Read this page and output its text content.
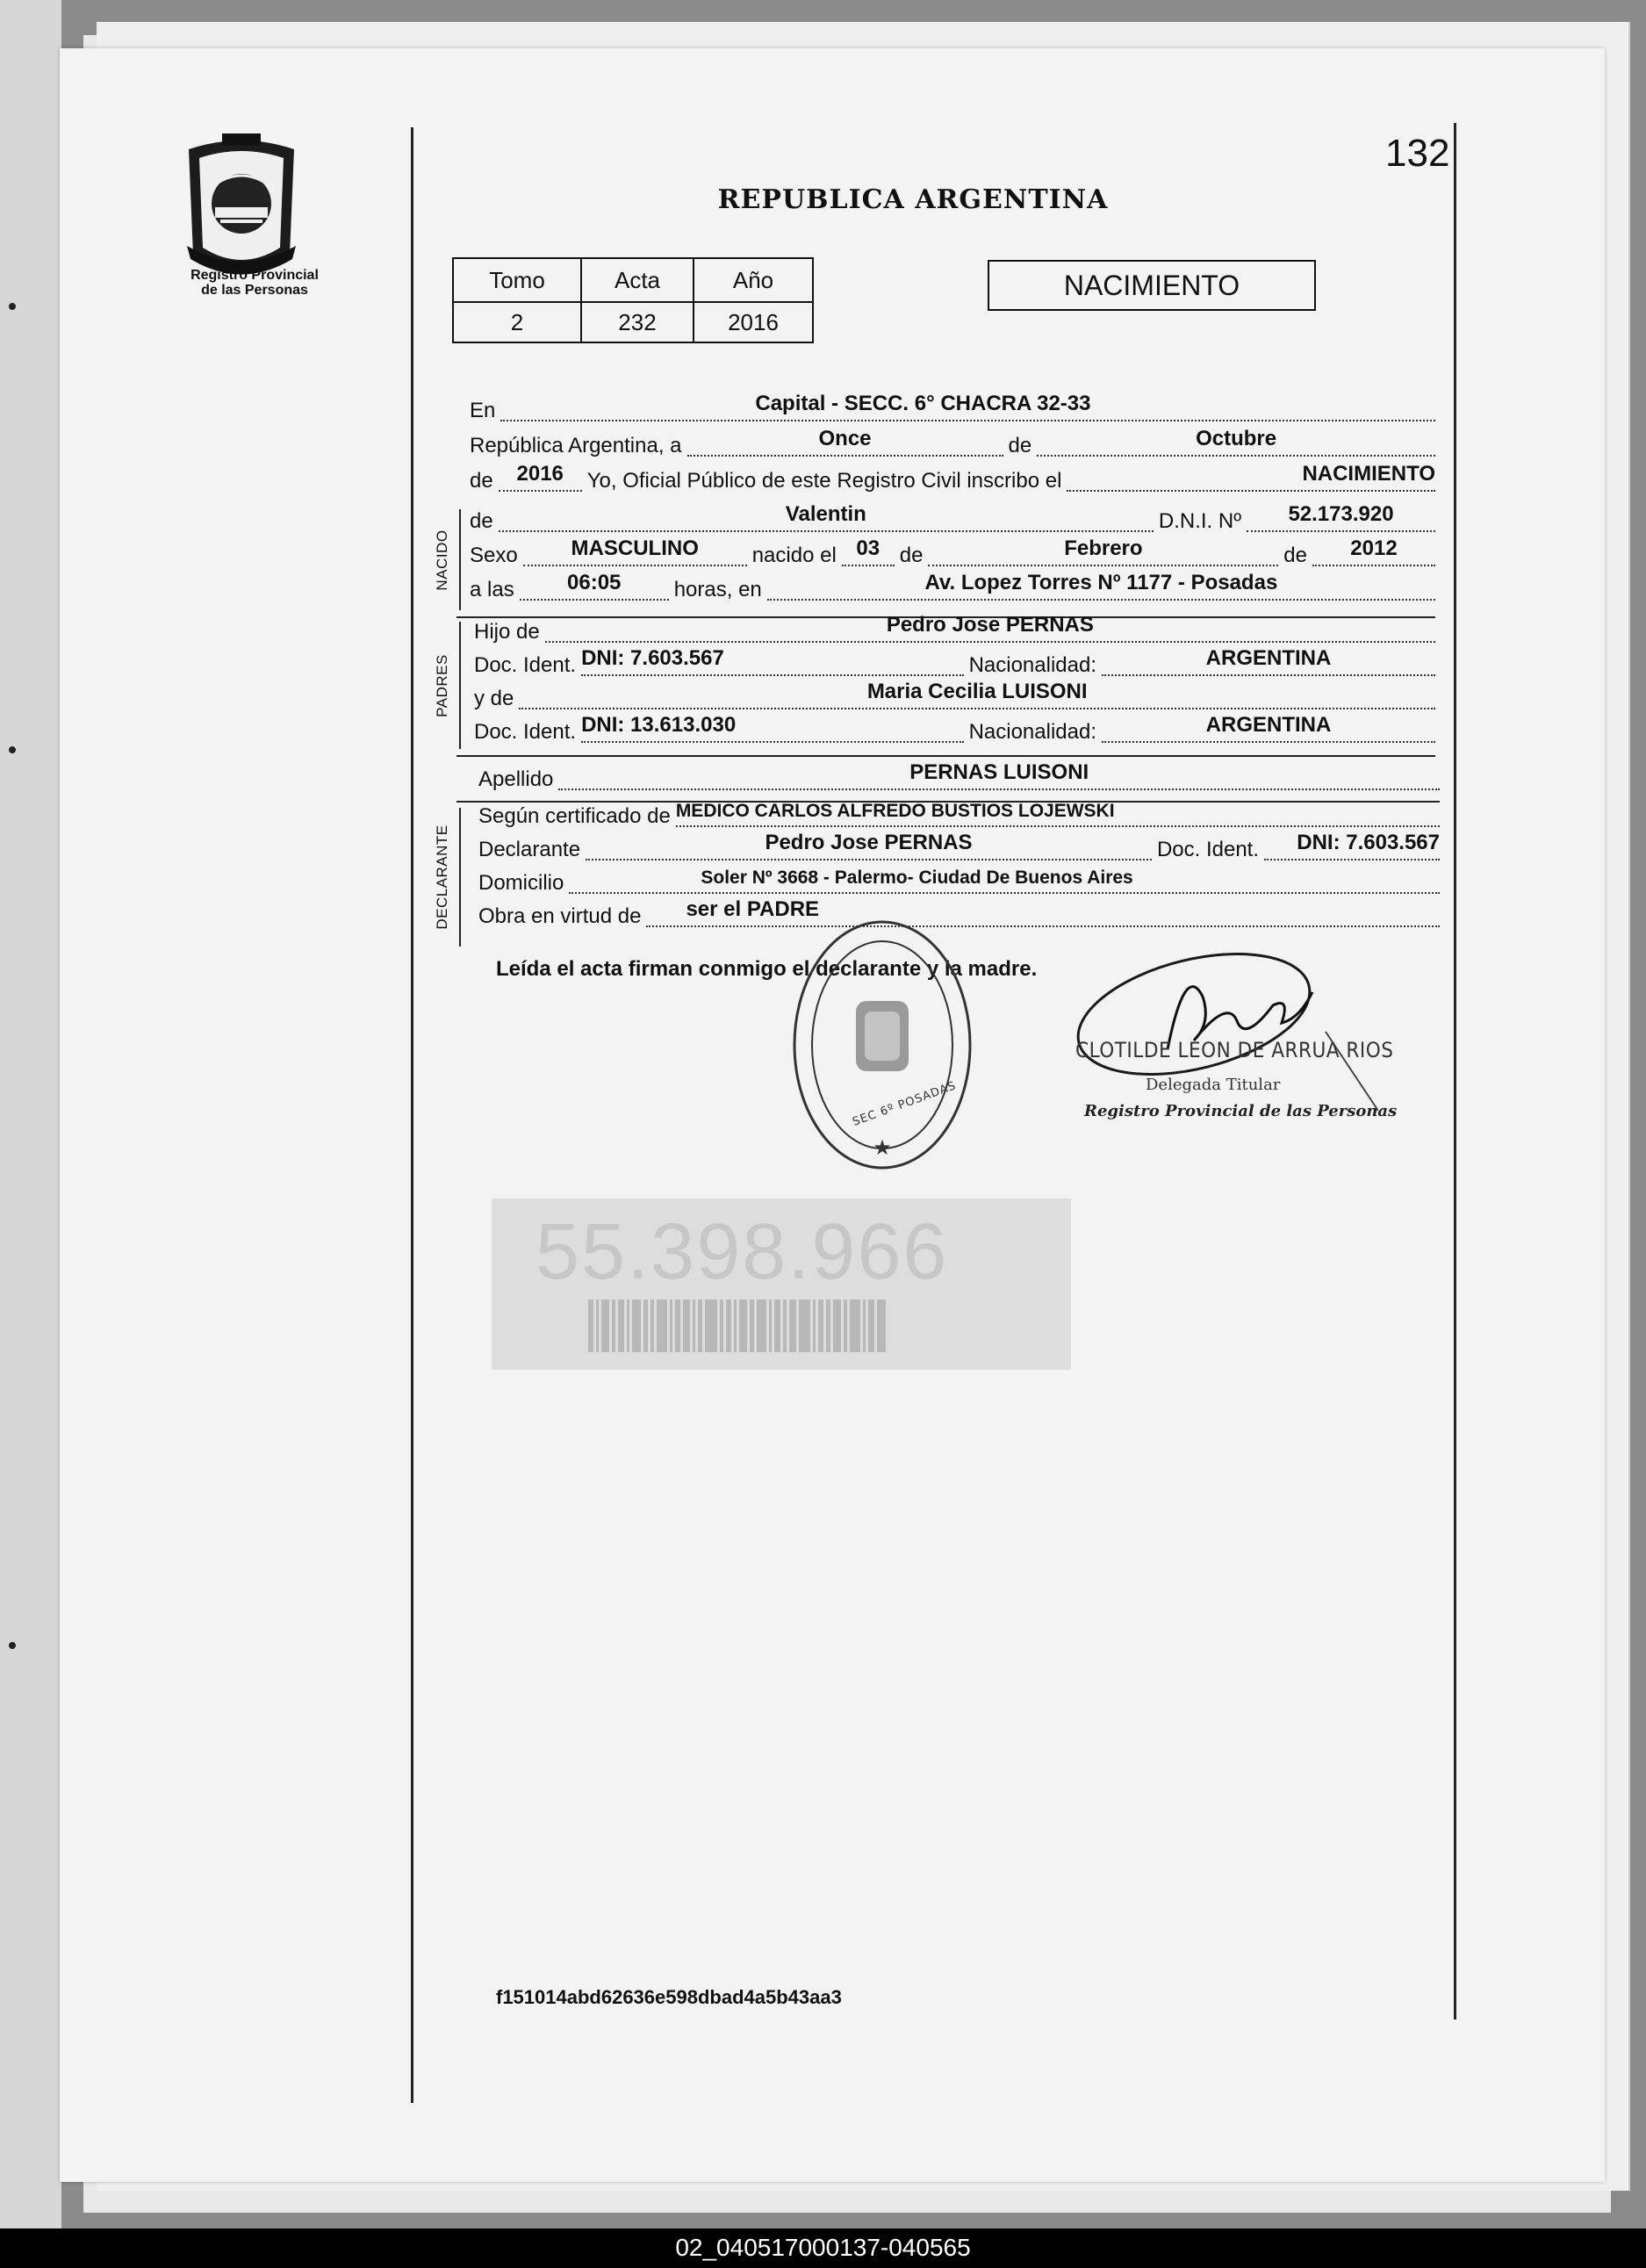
132
Registro Provincial
de las Personas
REPUBLICA ARGENTINA
Tomo	Acta	Año
2	232	2016
NACIMIENTO
En	Capital - SECC. 6° CHACRA 32-33
República Argentina, a	Once	de	Octubre
de	2016	Yo, Oficial Público de este Registro Civil inscribo el	NACIMIENTO
NACIDO
de	Valentin	D.N.I. Nº	52.173.920
Sexo	MASCULINO	nacido el 03 de	Febrero	de	2012
a las	06:05	horas, en	Av. Lopez Torres Nº 1177 - Posadas
PADRES
Hijo de	Pedro Jose PERNAS
Doc. Ident. DNI: 7.603.567	Nacionalidad:	ARGENTINA
y de	Maria Cecilia LUISONI
Doc. Ident. DNI: 13.613.030	Nacionalidad:	ARGENTINA
Apellido	PERNAS LUISONI
DECLARANTE
Según certificado de MEDICO CARLOS ALFREDO BUSTIOS LOJEWSKI
Declarante	Pedro Jose PERNAS	Doc. Ident.	DNI: 7.603.567
Domicilio	Soler Nº 3668 - Palermo- Ciudad De Buenos Aires
Obra en virtud de	ser el PADRE
Leída el acta firman conmigo el declarante y la madre.
★
SEC 6º POSADAS
CLOTILDE LEON DE ARRUA RIOS
Delegada Titular
Registro Provincial de las Personas
55.398.966
f151014abd62636e598dbad4a5b43aa3
02_040517000137-040565
